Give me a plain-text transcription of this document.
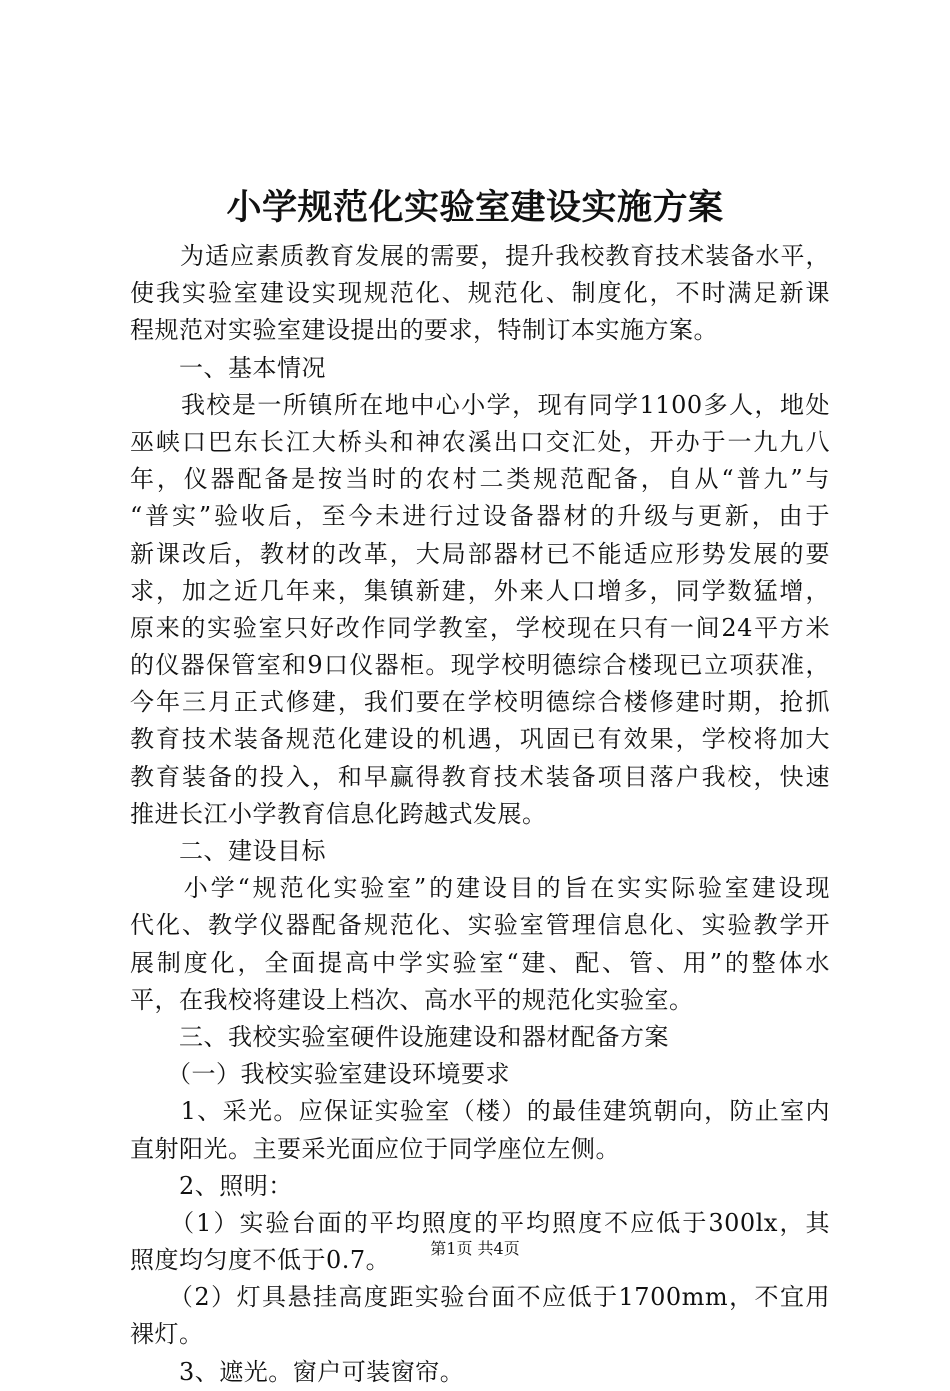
小学规范化实验室建设实施方案
　　为适应素质教育发展的需要，提升我校教育技术装备水平，
使我实验室建设实现规范化、规范化、制度化，不时满足新课
程规范对实验室建设提出的要求，特制订本实施方案。
　　一、基本情况
　　我校是一所镇所在地中心小学，现有同学1100多人，地处
巫峡口巴东长江大桥头和神农溪出口交汇处，开办于一九九八
年，仪器配备是按当时的农村二类规范配备，自从“普九”与
“普实”验收后，至今未进行过设备器材的升级与更新，由于
新课改后，教材的改革，大局部器材已不能适应形势发展的要
求，加之近几年来，集镇新建，外来人口增多，同学数猛增，
原来的实验室只好改作同学教室，学校现在只有一间24平方米
的仪器保管室和9口仪器柜。现学校明德综合楼现已立项获准，
今年三月正式修建，我们要在学校明德综合楼修建时期，抢抓
教育技术装备规范化建设的机遇，巩固已有效果，学校将加大
教育装备的投入，和早赢得教育技术装备项目落户我校，快速
推进长江小学教育信息化跨越式发展。
　　二、建设目标
　　小学“规范化实验室”的建设目的旨在实实际验室建设现
代化、教学仪器配备规范化、实验室管理信息化、实验教学开
展制度化，全面提高中学实验室“建、配、管、用”的整体水
平，在我校将建设上档次、高水平的规范化实验室。
　　三、我校实验室硬件设施建设和器材配备方案
　　（一）我校实验室建设环境要求
　　1、采光。应保证实验室（楼）的最佳建筑朝向，防止室内
直射阳光。主要采光面应位于同学座位左侧。
　　2、照明：
　　（1）实验台面的平均照度的平均照度不应低于300lx，其
照度均匀度不低于0.7。
　　（2）灯具悬挂高度距实验台面不应低于1700mm，不宜用
裸灯。
　　3、遮光。窗户可装窗帘。
第1页 共4页
